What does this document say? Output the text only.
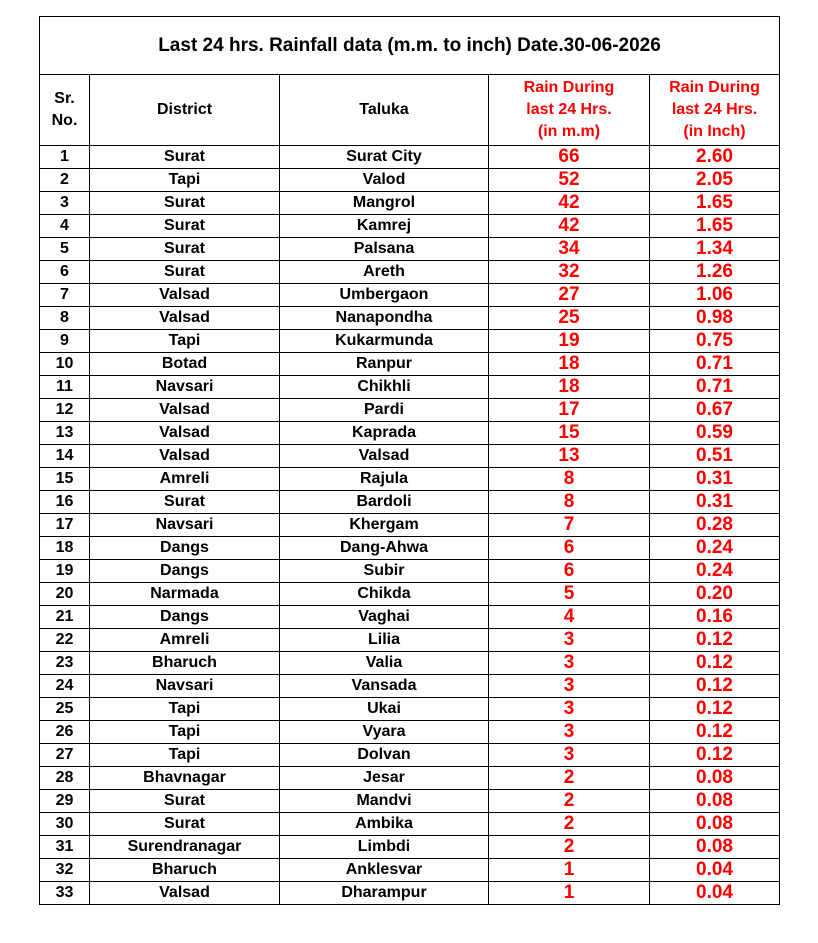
Last 24 hrs. Rainfall data (m.m. to inch) Date.30-06-2026				

Sr.
No.	District	Taluka	Rain During
last 24 Hrs.
(in m.m)	Rain During
last 24 Hrs.
(in Inch)

1	Surat	Surat City	66	2.60
2	Tapi	Valod	52	2.05
3	Surat	Mangrol	42	1.65
4	Surat	Kamrej	42	1.65
5	Surat	Palsana	34	1.34
6	Surat	Areth	32	1.26
7	Valsad	Umbergaon	27	1.06
8	Valsad	Nanapondha	25	0.98
9	Tapi	Kukarmunda	19	0.75
10	Botad	Ranpur	18	0.71
11	Navsari	Chikhli	18	0.71
12	Valsad	Pardi	17	0.67
13	Valsad	Kaprada	15	0.59
14	Valsad	Valsad	13	0.51
15	Amreli	Rajula	8	0.31
16	Surat	Bardoli	8	0.31
17	Navsari	Khergam	7	0.28
18	Dangs	Dang-Ahwa	6	0.24
19	Dangs	Subir	6	0.24
20	Narmada	Chikda	5	0.20
21	Dangs	Vaghai	4	0.16
22	Amreli	Lilia	3	0.12
23	Bharuch	Valia	3	0.12
24	Navsari	Vansada	3	0.12
25	Tapi	Ukai	3	0.12
26	Tapi	Vyara	3	0.12
27	Tapi	Dolvan	3	0.12
28	Bhavnagar	Jesar	2	0.08
29	Surat	Mandvi	2	0.08
30	Surat	Ambika	2	0.08
31	Surendranagar	Limbdi	2	0.08
32	Bharuch	Anklesvar	1	0.04
33	Valsad	Dharampur	1	0.04
